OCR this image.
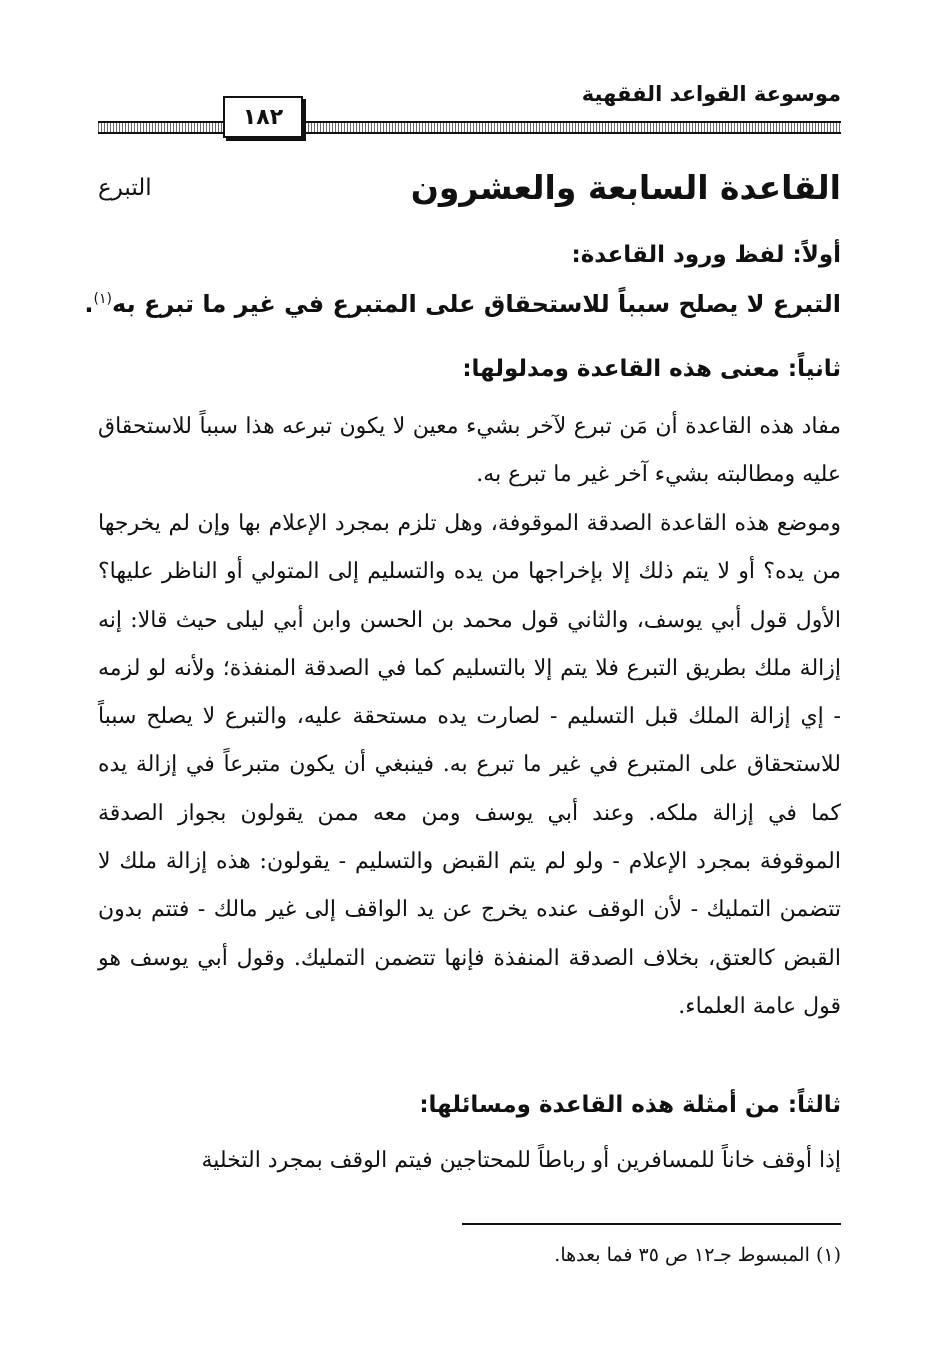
موسوعة القواعد الفقهية
١٨٢
القاعدة السابعة والعشرون
التبرع
أولاً: لفظ ورود القاعدة:
التبرع لا يصلح سبباً للاستحقاق على المتبرع في غير ما تبرع به$^{(١)}$.
ثانياً: معنى هذه القاعدة ومدلولها:

مفاد هذه القاعدة أن مَن تبرع لآخر بشيء معين لا يكون تبرعه هذا سبباً للاستحقاق عليه ومطالبته بشيء آخر غير ما تبرع به.

وموضع هذه القاعدة الصدقة الموقوفة، وهل تلزم بمجرد الإعلام بها وإن لم يخرجها من يده؟ أو لا يتم ذلك إلا بإخراجها من يده والتسليم إلى المتولي أو الناظر عليها؟ الأول قول أبي يوسف، والثاني قول محمد بن الحسن وابن أبي ليلى حيث قالا: إنه إزالة ملك بطريق التبرع فلا يتم إلا بالتسليم كما في الصدقة المنفذة؛ ولأنه لو لزمه - إي إزالة الملك قبل التسليم - لصارت يده مستحقة عليه، والتبرع لا يصلح سبباً للاستحقاق على المتبرع في غير ما تبرع به. فينبغي أن يكون متبرعاً في إزالة يده كما في إزالة ملكه. وعند أبي يوسف ومن معه ممن يقولون بجواز الصدقة الموقوفة بمجرد الإعلام - ولو لم يتم القبض والتسليم - يقولون: هذه إزالة ملك لا تتضمن التمليك - لأن الوقف عنده يخرج عن يد الواقف إلى غير مالك - فتتم بدون القبض كالعتق، بخلاف الصدقة المنفذة فإنها تتضمن التمليك. وقول أبي يوسف هو قول عامة العلماء.

ثالثاً: من أمثلة هذه القاعدة ومسائلها:

إذا أوقف خاناً للمسافرين أو رباطاً للمحتاجين فيتم الوقف بمجرد التخلية

(١) المبسوط جـ١٢ ص ٣٥ فما بعدها.
